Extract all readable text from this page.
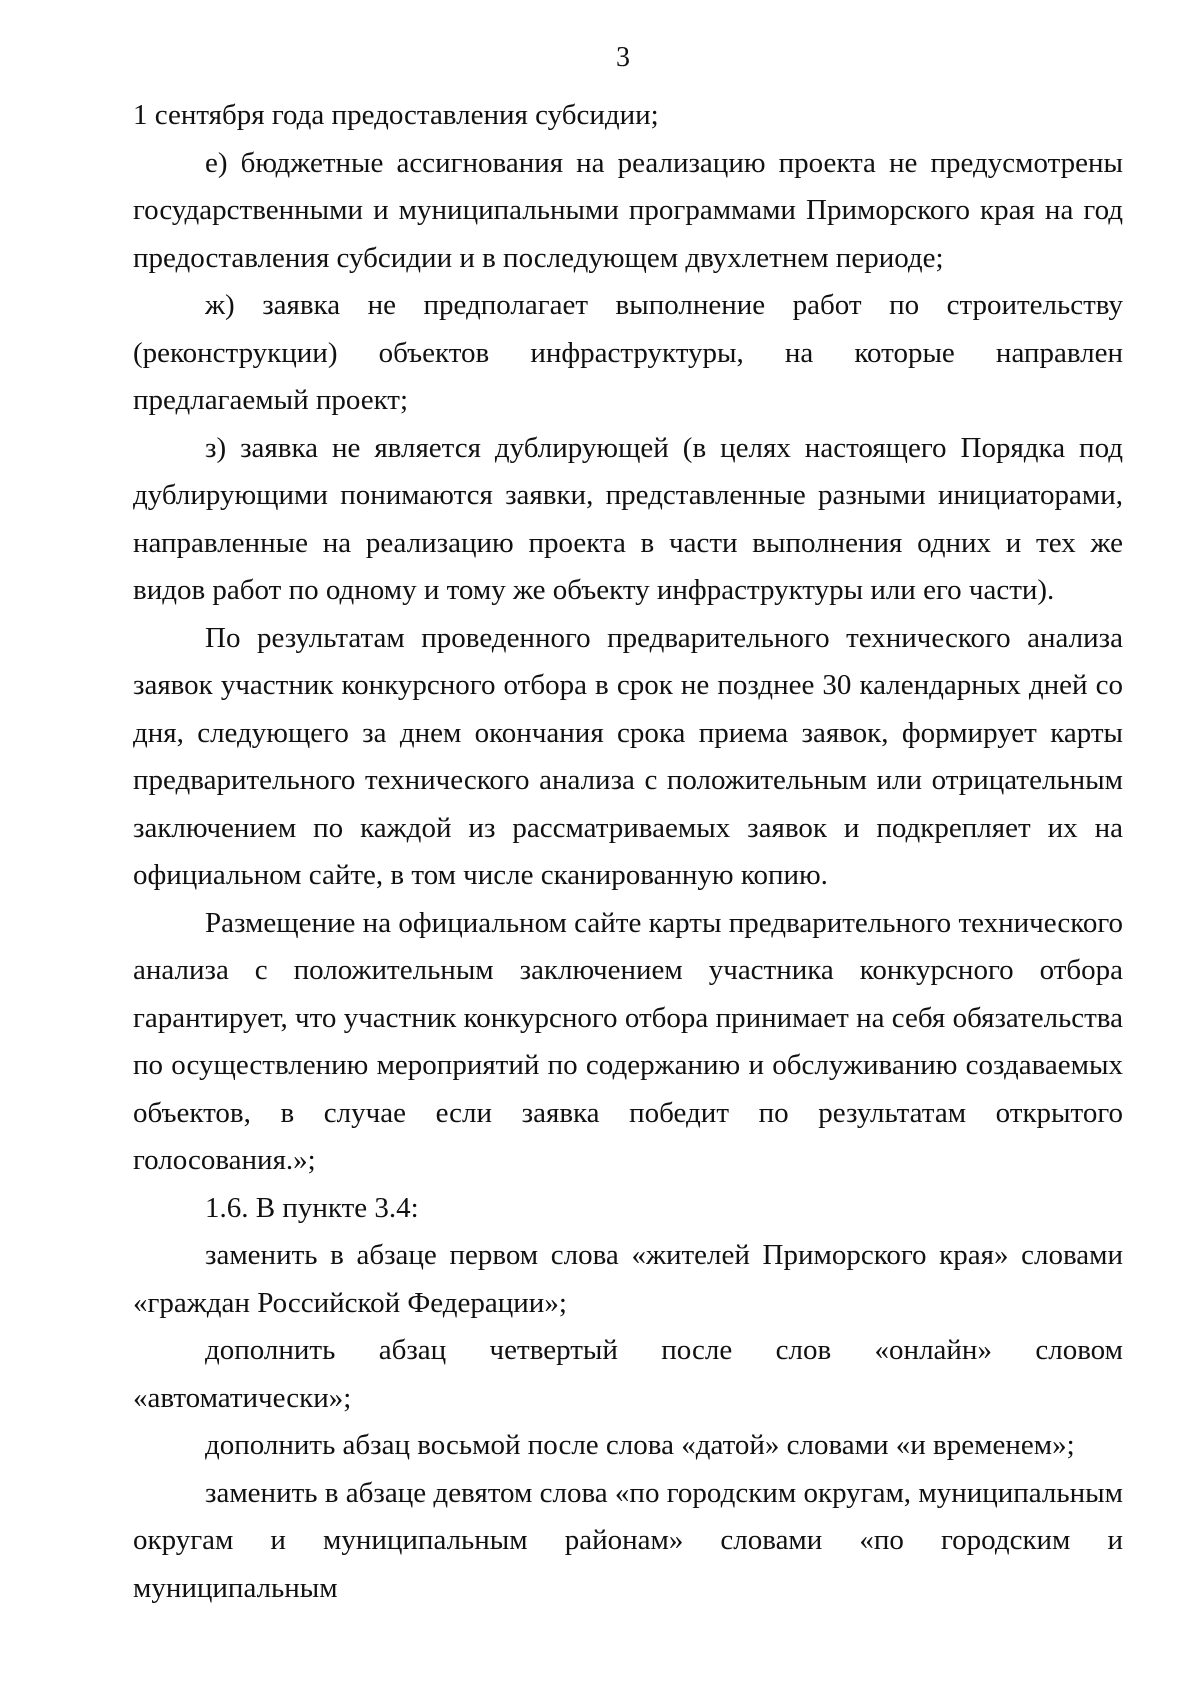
3

1 сентября года предоставления субсидии;

е) бюджетные ассигнования на реализацию проекта не предусмотрены государственными и муниципальными программами Приморского края на год предоставления субсидии и в последующем двухлетнем периоде;

ж) заявка не предполагает выполнение работ по строительству (реконструкции) объектов инфраструктуры, на которые направлен предлагаемый проект;

з) заявка не является дублирующей (в целях настоящего Порядка под дублирующими понимаются заявки, представленные разными инициаторами, направленные на реализацию проекта в части выполнения одних и тех же видов работ по одному и тому же объекту инфраструктуры или его части).

По результатам проведенного предварительного технического анализа заявок участник конкурсного отбора в срок не позднее 30 календарных дней со дня, следующего за днем окончания срока приема заявок, формирует карты предварительного технического анализа с положительным или отрицательным заключением по каждой из рассматриваемых заявок и подкрепляет их на официальном сайте, в том числе сканированную копию.

Размещение на официальном сайте карты предварительного технического анализа с положительным заключением участника конкурсного отбора гарантирует, что участник конкурсного отбора принимает на себя обязательства по осуществлению мероприятий по содержанию и обслуживанию создаваемых объектов, в случае если заявка победит по результатам открытого голосования.»;

1.6. В пункте 3.4:

заменить в абзаце первом слова «жителей Приморского края» словами «граждан Российской Федерации»;

дополнить абзац четвертый после слов «онлайн» словом «автоматически»;

дополнить абзац восьмой после слова «датой» словами «и временем»;

заменить в абзаце девятом слова «по городским округам, муниципальным округам и муниципальным районам» словами «по городским и муниципальным
